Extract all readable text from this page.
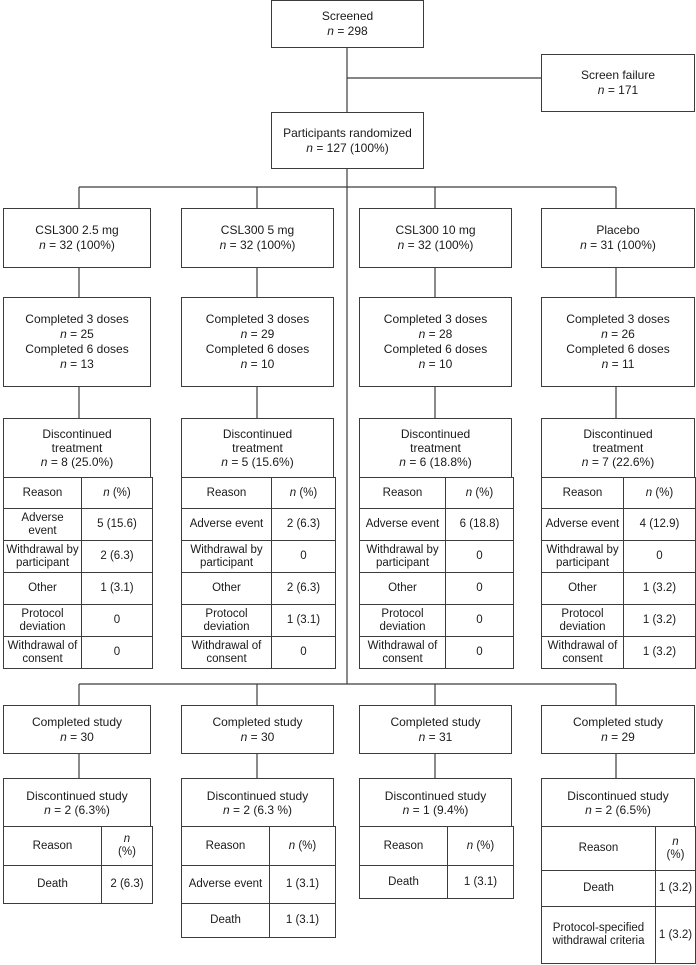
Screened
n = 298
Screen failure
n = 171
Participants randomized
n = 127 (100%)
CSL300 2.5 mg
n = 32 (100%)
Completed 3 doses
n = 25
Completed 6 doses
n = 13
Discontinued
treatment
n = 8 (25.0%)
Reason	n (%)
Adverse event	5 (15.6)
Withdrawal by participant	2 (6.3)
Other	1 (3.1)
Protocol deviation	0
Withdrawal of consent	0
Completed study
n = 30
Discontinued study
n = 2 (6.3%)
Reason	n
(%)
Death	2 (6.3)
CSL300 5 mg
n = 32 (100%)
Completed 3 doses
n = 29
Completed 6 doses
n = 10
Discontinued
treatment
n = 5 (15.6%)
Reason	n (%)
Adverse event	2 (6.3)
Withdrawal by participant	0
Other	2 (6.3)
Protocol deviation	1 (3.1)
Withdrawal of consent	0
Completed study
n = 30
Discontinued study
n = 2 (6.3 %)
Reason	n (%)
Adverse event	1 (3.1)
Death	1 (3.1)
CSL300 10 mg
n = 32 (100%)
Completed 3 doses
n = 28
Completed 6 doses
n = 10
Discontinued
treatment
n = 6 (18.8%)
Reason	n (%)
Adverse event	6 (18.8)
Withdrawal by participant	0
Other	0
Protocol deviation	0
Withdrawal of consent	0
Completed study
n = 31
Discontinued study
n = 1 (9.4%)
Reason	n (%)
Death	1 (3.1)
Placebo
n = 31 (100%)
Completed 3 doses
n = 26
Completed 6 doses
n = 11
Discontinued
treatment
n = 7 (22.6%)
Reason	n (%)
Adverse event	4 (12.9)
Withdrawal by participant	0
Other	1 (3.2)
Protocol deviation	1 (3.2)
Withdrawal of consent	1 (3.2)
Completed study
n = 29
Discontinued study
n = 2 (6.5%)
Reason	n
(%)
Death	1 (3.2)
Protocol-specified withdrawal criteria	1 (3.2)
